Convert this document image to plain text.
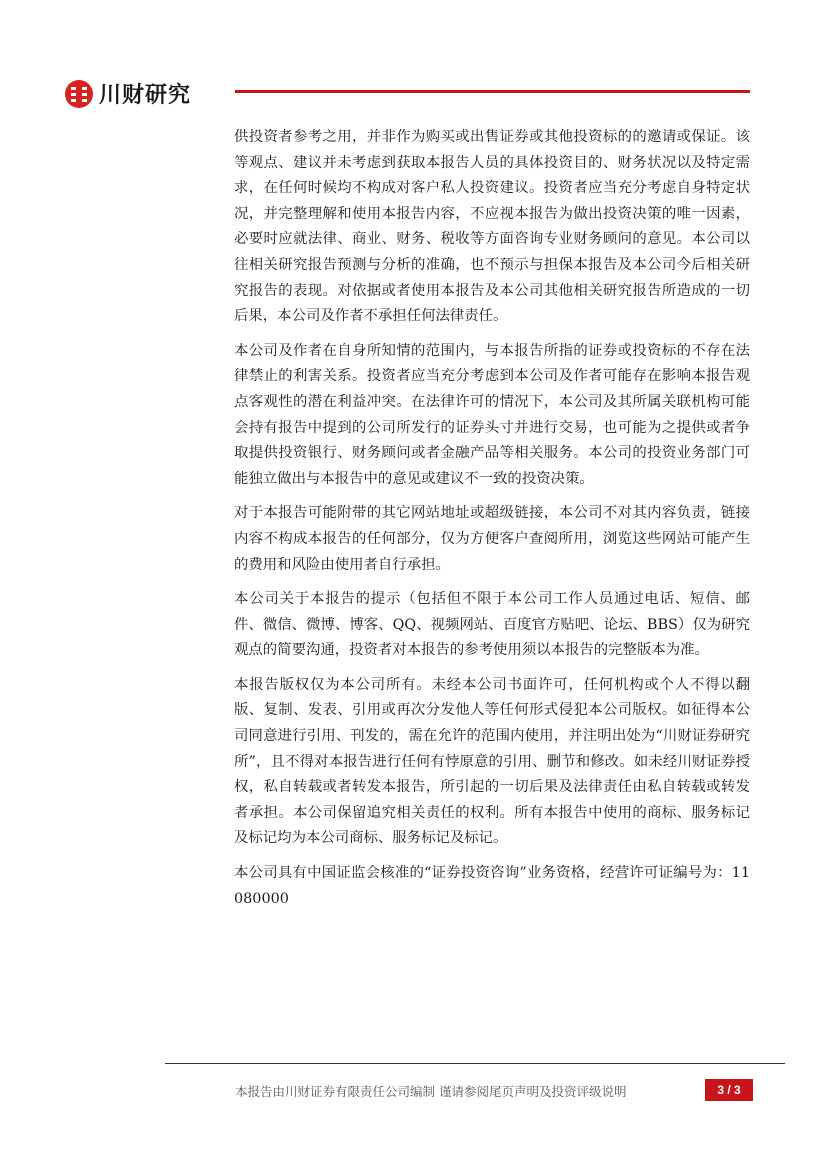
川财研究

供投资者参考之用，并非作为购买或出售证券或其他投资标的的邀请或保证。该等观点、建议并未考虑到获取本报告人员的具体投资目的、财务状况以及特定需求，在任何时候均不构成对客户私人投资建议。投资者应当充分考虑自身特定状况，并完整理解和使用本报告内容，不应视本报告为做出投资决策的唯一因素，必要时应就法律、商业、财务、税收等方面咨询专业财务顾问的意见。本公司以往相关研究报告预测与分析的准确，也不预示与担保本报告及本公司今后相关研究报告的表现。对依据或者使用本报告及本公司其他相关研究报告所造成的一切后果，本公司及作者不承担任何法律责任。

本公司及作者在自身所知情的范围内，与本报告所指的证券或投资标的不存在法律禁止的利害关系。投资者应当充分考虑到本公司及作者可能存在影响本报告观点客观性的潜在利益冲突。在法律许可的情况下，本公司及其所属关联机构可能会持有报告中提到的公司所发行的证券头寸并进行交易，也可能为之提供或者争取提供投资银行、财务顾问或者金融产品等相关服务。本公司的投资业务部门可能独立做出与本报告中的意见或建议不一致的投资决策。

对于本报告可能附带的其它网站地址或超级链接，本公司不对其内容负责，链接内容不构成本报告的任何部分，仅为方便客户查阅所用，浏览这些网站可能产生的费用和风险由使用者自行承担。

本公司关于本报告的提示（包括但不限于本公司工作人员通过电话、短信、邮件、微信、微博、博客、QQ、视频网站、百度官方贴吧、论坛、BBS）仅为研究观点的简要沟通，投资者对本报告的参考使用须以本报告的完整版本为准。

本报告版权仅为本公司所有。未经本公司书面许可，任何机构或个人不得以翻版、复制、发表、引用或再次分发他人等任何形式侵犯本公司版权。如征得本公司同意进行引用、刊发的，需在允许的范围内使用，并注明出处为“川财证券研究所”，且不得对本报告进行任何有悖原意的引用、删节和修改。如未经川财证券授权，私自转载或者转发本报告，所引起的一切后果及法律责任由私自转载或转发者承担。本公司保留追究相关责任的权利。所有本报告中使用的商标、服务标记及标记均为本公司商标、服务标记及标记。

本公司具有中国证监会核准的“证券投资咨询”业务资格，经营许可证编号为：11080000

本报告由川财证券有限责任公司编制 谨请参阅尾页声明及投资评级说明	3 / 3
